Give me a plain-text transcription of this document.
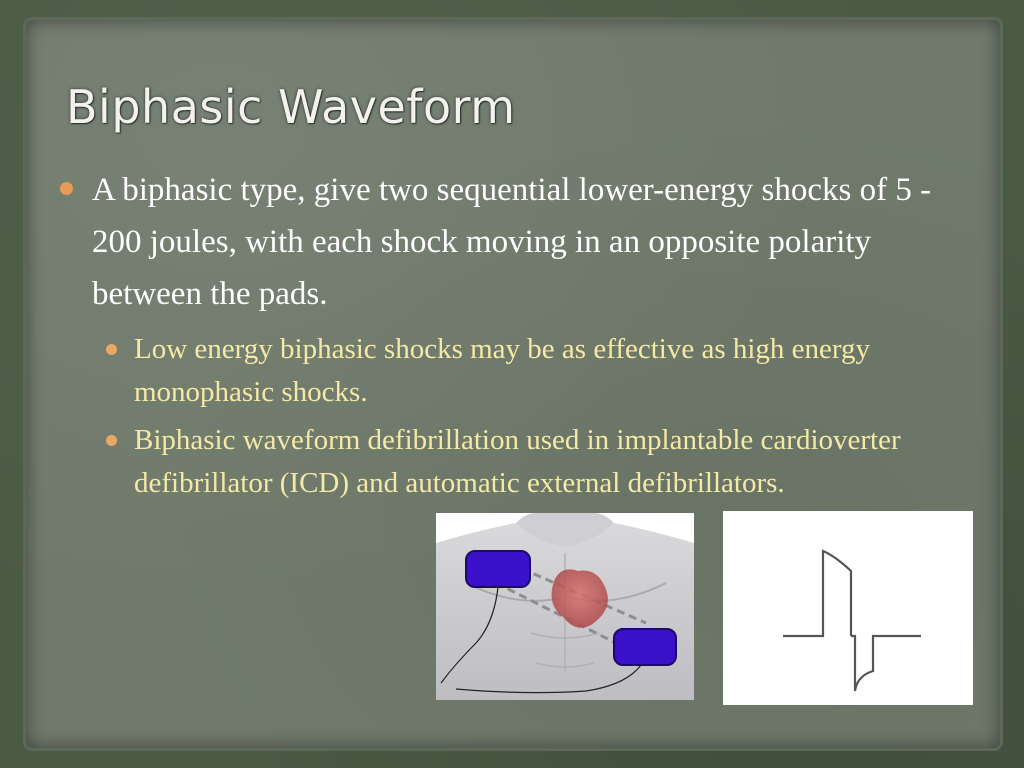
Biphasic Waveform
A biphasic type, give two sequential lower-energy shocks of 5 - 200 joules, with each shock moving in an opposite polarity between the pads.
Low energy biphasic shocks may be as effective as high energy monophasic shocks.
Biphasic waveform defibrillation used in implantable cardioverter defibrillator (ICD) and automatic external defibrillators.
